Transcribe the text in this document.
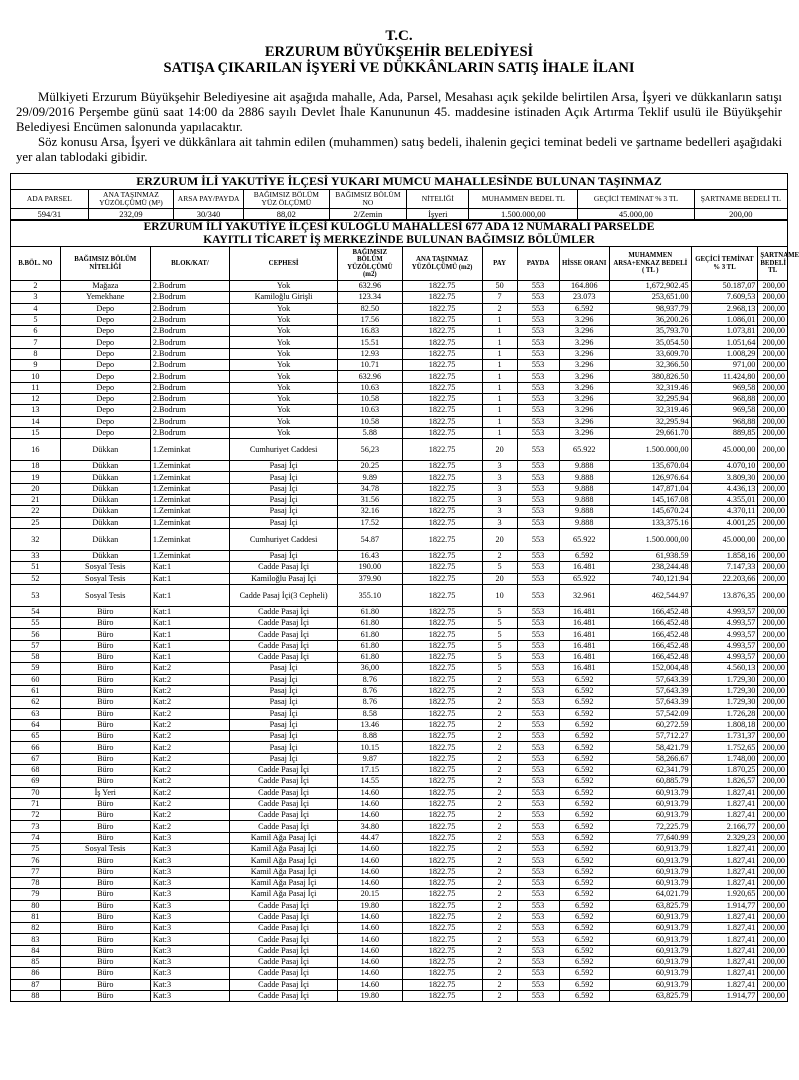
T.C.
ERZURUM BÜYÜKŞEHİR BELEDİYESİ
SATIŞA ÇIKARILAN İŞYERİ VE DÜKKÂNLARIN SATIŞ İHALE İLANI

Mülkiyeti Erzurum Büyükşehir Belediyesine ait aşağıda mahalle, Ada, Parsel, Mesahası açık şekilde belirtilen Arsa, İşyeri ve dükkanların satışı 29/09/2016 Perşembe günü saat 14:00 da 2886 sayılı Devlet İhale Kanununun 45. maddesine istinaden Açık Artırma Teklif usulü ile Büyükşehir Belediyesi Encümen salonunda yapılacaktır.

Söz konusu Arsa, İşyeri ve dükkânlara ait tahmin edilen (muhammen) satış bedeli, ihalenin geçici teminat bedeli ve şartname bedelleri aşağıdaki yer alan tablodaki gibidir.

ERZURUM İLİ YAKUTİYE İLÇESİ YUKARI MUMCU MAHALLESİNDE BULUNAN TAŞINMAZ								
ADA PARSEL	ANA TAŞINMAZ YÜZÖLÇÜMÜ (M²)	ARSA PAY/PAYDA	BAĞIMSIZ BÖLÜM YÜZ ÖLÇÜMÜ	BAĞIMSIZ BÖLÜM NO	NİTELİĞİ	MUHAMMEN BEDEL TL	GEÇİCİ TEMİNAT % 3 TL	ŞARTNAME BEDELİ TL
594/31	232,09	30/340	88,02	2/Zemin	İşyeri	1.500.000,00	45.000,00	200,00
ERZURUM İLİ YAKUTİYE İLÇESİ KULOĞLU MAHALLESİ 677 ADA 12 NUMARALI PARSELDE
KAYITLI TİCARET İŞ MERKEZİNDE BULUNAN BAĞIMSIZ BÖLÜMLER											

B.BÖL. NO	BAĞIMSIZ BÖLÜM NİTELİĞİ	BLOK/KAT/	CEPHESİ	BAĞIMSIZ BÖLÜM YÜZÖLÇÜMÜ (m2)	ANA TAŞINMAZ YÜZÖLÇÜMÜ (m2)	PAY	PAYDA	HİSSE ORANI	MUHAMMEN ARSA+ENKAZ BEDELİ ( TL )	GEÇİCİ TEMİNAT % 3 TL	ŞARTNAME BEDELİ TL
2	Mağaza	2.Bodrum	Yok	632.96	1822.75	50	553	164.806	1,672,902.45	50.187,07	200,00
3	Yemekhane	2.Bodrum	Kamiloğlu Girişli	123.34	1822.75	7	553	23.073	253,651.00	7.609,53	200,00
4	Depo	2.Bodrum	Yok	82.50	1822.75	2	553	6.592	98,937.79	2.968,13	200,00
5	Depo	2.Bodrum	Yok	17.56	1822.75	1	553	3.296	36,200.26	1.086,01	200,00
6	Depo	2.Bodrum	Yok	16.83	1822.75	1	553	3.296	35,793.70	1.073,81	200,00
7	Depo	2.Bodrum	Yok	15.51	1822.75	1	553	3.296	35,054.50	1.051,64	200,00
8	Depo	2.Bodrum	Yok	12.93	1822.75	1	553	3.296	33,609.70	1.008,29	200,00
9	Depo	2.Bodrum	Yok	10.71	1822.75	1	553	3.296	32,366.50	971,00	200,00
10	Depo	2.Bodrum	Yok	632.96	1822.75	1	553	3.296	380,826.50	11.424,80	200,00
11	Depo	2.Bodrum	Yok	10.63	1822.75	1	553	3.296	32,319.46	969,58	200,00
12	Depo	2.Bodrum	Yok	10.58	1822.75	1	553	3.296	32,295.94	968,88	200,00
13	Depo	2.Bodrum	Yok	10.63	1822.75	1	553	3.296	32,319.46	969,58	200,00
14	Depo	2.Bodrum	Yok	10.58	1822.75	1	553	3.296	32,295.94	968,88	200,00
15	Depo	2.Bodrum	Yok	5.88	1822.75	1	553	3.296	29,661.70	889,85	200,00
16	Dükkan	1.Zeminkat	Cumhuriyet Caddesi	56,23	1822.75	20	553	65.922	1.500.000,00	45.000,00	200,00
18	Dükkan	1.Zeminkat	Pasaj İçi	20.25	1822.75	3	553	9.888	135,670.04	4.070,10	200,00
19	Dükkan	1.Zeminkat	Pasaj İçi	9.89	1822.75	3	553	9.888	126,976.64	3.809,30	200,00
20	Dükkan	1.Zeminkat	Pasaj İçi	34.78	1822.75	3	553	9.888	147,871.04	4.436,13	200,00
21	Dükkan	1.Zeminkat	Pasaj İçi	31.56	1822.75	3	553	9.888	145,167.08	4.355,01	200,00
22	Dükkan	1.Zeminkat	Pasaj İçi	32.16	1822.75	3	553	9.888	145,670.24	4.370,11	200,00
25	Dükkan	1.Zeminkat	Pasaj İçi	17.52	1822.75	3	553	9.888	133,375.16	4.001,25	200,00
32	Dükkan	1.Zeminkat	Cumhuriyet Caddesi	54.87	1822.75	20	553	65.922	1.500.000,00	45.000,00	200,00
33	Dükkan	1.Zeminkat	Pasaj İçi	16.43	1822.75	2	553	6.592	61,938.59	1.858,16	200,00
51	Sosyal Tesis	Kat:1	Cadde Pasaj İçi	190.00	1822.75	5	553	16.481	238,244.48	7.147,33	200,00
52	Sosyal Tesis	Kat:1	Kamiloğlu Pasaj İçi	379.90	1822.75	20	553	65.922	740,121.94	22.203,66	200,00
53	Sosyal Tesis	Kat:1	Cadde Pasaj İçi(3 Cepheli)	355.10	1822.75	10	553	32.961	462,544.97	13.876,35	200,00
54	Büro	Kat:1	Cadde Pasaj İçi	61.80	1822.75	5	553	16.481	166,452.48	4.993,57	200,00
55	Büro	Kat:1	Cadde Pasaj İçi	61.80	1822.75	5	553	16.481	166,452.48	4.993,57	200,00
56	Büro	Kat:1	Cadde Pasaj İçi	61.80	1822.75	5	553	16.481	166,452.48	4.993,57	200,00
57	Büro	Kat:1	Cadde Pasaj İçi	61.80	1822.75	5	553	16.481	166,452.48	4.993,57	200,00
58	Büro	Kat:1	Cadde Pasaj İçi	61.80	1822.75	5	553	16.481	166,452.48	4.993,57	200,00
59	Büro	Kat:2	Pasaj İçi	36,00	1822.75	5	553	16.481	152,004,48	4.560,13	200,00
60	Büro	Kat:2	Pasaj İçi	8.76	1822.75	2	553	6.592	57,643.39	1.729,30	200,00
61	Büro	Kat:2	Pasaj İçi	8.76	1822.75	2	553	6.592	57,643.39	1.729,30	200,00
62	Büro	Kat:2	Pasaj İçi	8.76	1822.75	2	553	6.592	57,643.39	1.729,30	200,00
63	Büro	Kat:2	Pasaj İçi	8.58	1822.75	2	553	6.592	57,542.09	1.726,28	200,00
64	Büro	Kat:2	Pasaj İçi	13.46	1822.75	2	553	6.592	60,272.59	1.808,18	200,00
65	Büro	Kat:2	Pasaj İçi	8.88	1822.75	2	553	6.592	57,712.27	1.731,37	200,00
66	Büro	Kat:2	Pasaj İçi	10.15	1822.75	2	553	6.592	58,421.79	1.752,65	200,00
67	Büro	Kat:2	Pasaj İçi	9.87	1822.75	2	553	6.592	58,266.67	1.748,00	200,00
68	Büro	Kat:2	Cadde Pasaj İçi	17.15	1822.75	2	553	6.592	62,341.79	1.870,25	200,00
69	Büro	Kat:2	Cadde Pasaj İçi	14.55	1822.75	2	553	6.592	60,885.79	1.826,57	200,00
70	İş Yeri	Kat:2	Cadde Pasaj İçi	14.60	1822.75	2	553	6.592	60,913.79	1.827,41	200,00
71	Büro	Kat:2	Cadde Pasaj İçi	14.60	1822.75	2	553	6.592	60,913.79	1.827,41	200,00
72	Büro	Kat:2	Cadde Pasaj İçi	14.60	1822.75	2	553	6.592	60,913.79	1.827,41	200,00
73	Büro	Kat:2	Cadde Pasaj İçi	34.80	1822.75	2	553	6.592	72,225.79	2.166,77	200,00
74	Büro	Kat:3	Kamil Ağa Pasaj İçi	44.47	1822.75	2	553	6.592	77,640.99	2.329,23	200,00
75	Sosyal Tesis	Kat:3	Kamil Ağa Pasaj İçi	14.60	1822.75	2	553	6.592	60,913.79	1.827,41	200,00
76	Büro	Kat:3	Kamil Ağa Pasaj İçi	14.60	1822.75	2	553	6.592	60,913.79	1.827,41	200,00
77	Büro	Kat:3	Kamil Ağa Pasaj İçi	14.60	1822.75	2	553	6.592	60,913.79	1.827,41	200,00
78	Büro	Kat:3	Kamil Ağa Pasaj İçi	14.60	1822.75	2	553	6.592	60,913.79	1.827,41	200,00
79	Büro	Kat:3	Kamil Ağa Pasaj İçi	20.15	1822.75	2	553	6.592	64,021.79	1.920,65	200,00
80	Büro	Kat:3	Cadde Pasaj İçi	19.80	1822.75	2	553	6.592	63,825.79	1.914,77	200,00
81	Büro	Kat:3	Cadde Pasaj İçi	14.60	1822.75	2	553	6.592	60,913.79	1.827,41	200,00
82	Büro	Kat:3	Cadde Pasaj İçi	14.60	1822.75	2	553	6.592	60,913.79	1.827,41	200,00
83	Büro	Kat:3	Cadde Pasaj İçi	14.60	1822.75	2	553	6.592	60,913.79	1.827,41	200,00
84	Büro	Kat:3	Cadde Pasaj İçi	14.60	1822.75	2	553	6.592	60,913.79	1.827,41	200,00
85	Büro	Kat:3	Cadde Pasaj İçi	14.60	1822.75	2	553	6.592	60,913.79	1.827,41	200,00
86	Büro	Kat:3	Cadde Pasaj İçi	14.60	1822.75	2	553	6.592	60,913.79	1.827,41	200,00
87	Büro	Kat:3	Cadde Pasaj İçi	14.60	1822.75	2	553	6.592	60,913.79	1.827,41	200,00
88	Büro	Kat:3	Cadde Pasaj İçi	19.80	1822.75	2	553	6.592	63,825.79	1.914,77	200,00
